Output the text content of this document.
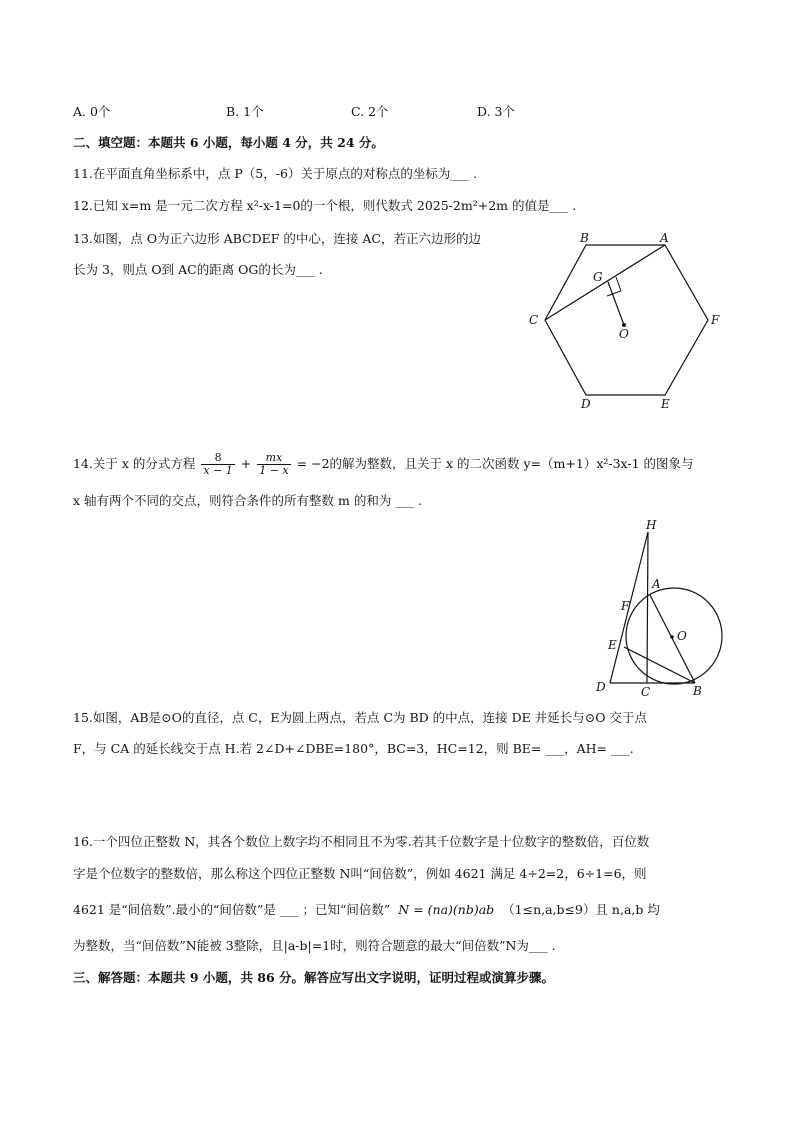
A. 0个	B. 1个	C. 2个	D. 3个
二、填空题：本题共 6 小题，每小题 4 分，共 24 分。
11.在平面直角坐标系中，点 P（5，-6）关于原点的对称点的坐标为___ .
12.已知 x=m 是一元二次方程 x²-x-1=0的一个根，则代数式 2025-2m²+2m 的值是___ .
13.如图，点 O为正六边形 ABCDEF 的中心，连接 AC，若正六边形的边
长为 3，则点 O到 AC的距离 OG的长为___ .
B	A
C	F
D	E
G
O
14.关于 x 的分式方程 $\frac{8}{x - 1} + \frac{mx}{1 - x} = -2$的解为整数，且关于 x 的二次函数 y=（m+1）x²-3x-1 的图象与
x 轴有两个不同的交点，则符合条件的所有整数 m 的和为 ___ .
H
A
F
O
E
D	C	B
15.如图，AB是⊙O的直径，点 C，E为圆上两点，若点 C为 BD 的中点，连接 DE 并延长与⊙O 交于点
F，与 CA 的延长线交于点 H.若 2∠D+∠DBE=180°，BC=3，HC=12，则 BE= ___，AH= ___.
16.一个四位正整数 N，其各个数位上数字均不相同且不为零.若其千位数字是十位数字的整数倍，百位数
字是个位数字的整数倍，那么称这个四位正整数 N叫“间倍数”，例如 4621 满足 4÷2=2，6÷1=6，则
4621 是“间倍数”.最小的“间倍数”是 ___ ；已知“间倍数” N = (na)(nb)ab （1≤n,a,b≤9）且 n,a,b 均
为整数，当“间倍数”N能被 3整除，且|a-b|=1时，则符合题意的最大“间倍数”N为___ .
三、解答题：本题共 9 小题，共 86 分。解答应写出文字说明，证明过程或演算步骤。
